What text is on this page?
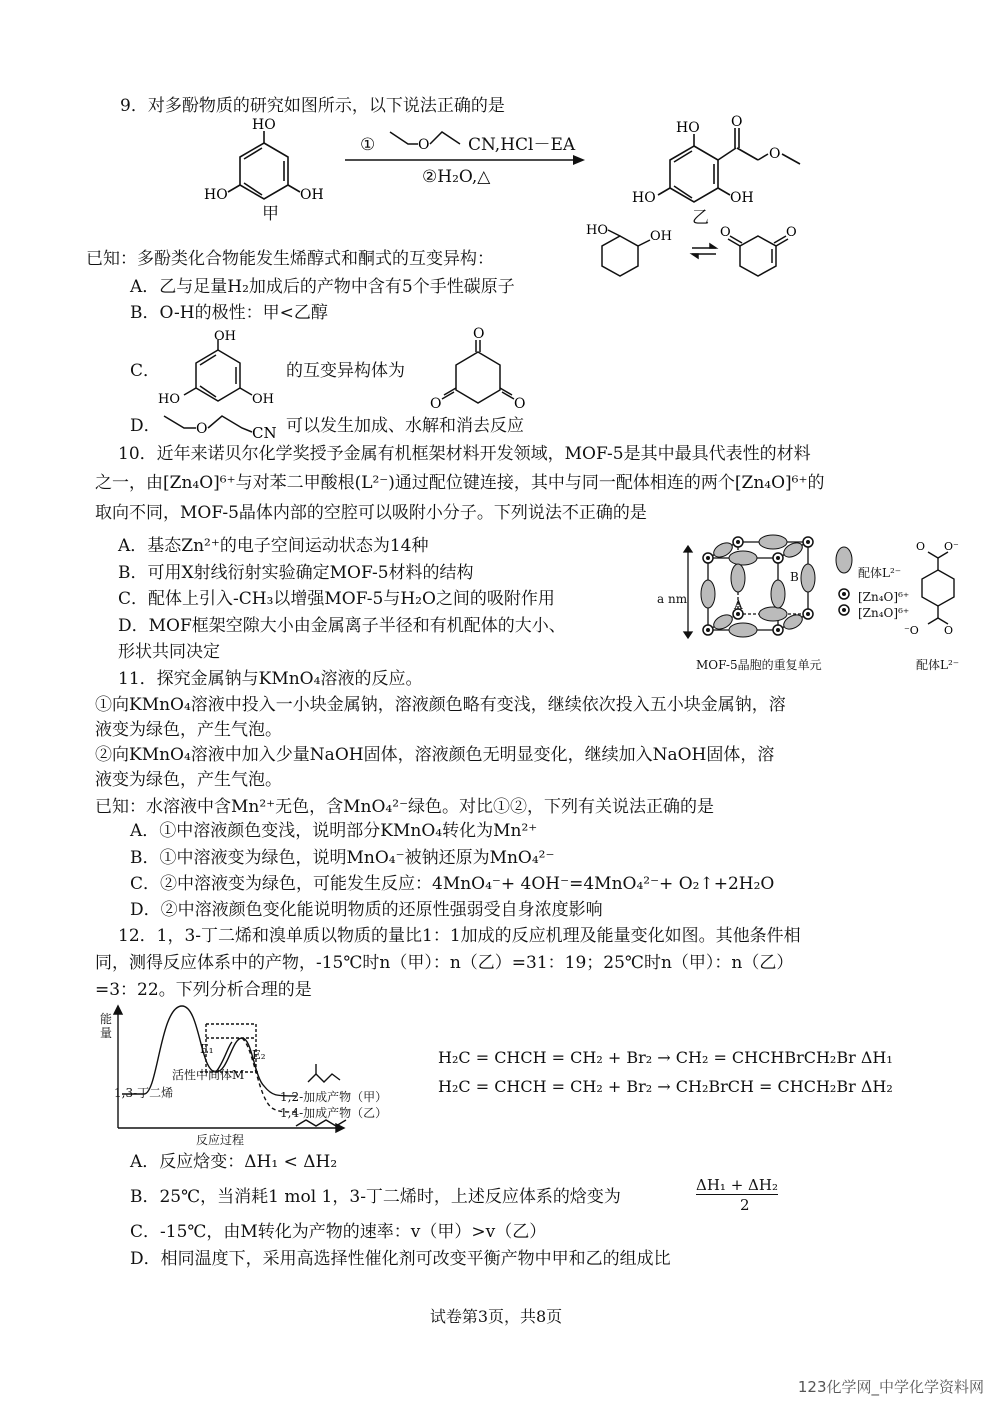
9．对多酚物质的研究如图所示，以下说法正确的是
HO
OH
HO
甲
①	O CN,HCl－EA
②H₂O,△
HO O
O
OH
HO
乙
已知：多酚类化合物能发生烯醇式和酮式的互变异构：
HO	OH	O	O
A．乙与足量H₂加成后的产物中含有5个手性碳原子
B．O-H的极性：甲<乙醇
C．
OH
OH
HO
的互变异构体为
O
O
O
D．	O	CN 可以发生加成、水解和消去反应
10．近年来诺贝尔化学奖授予金属有机框架材料开发领域，MOF-5是其中最具代表性的材料
之一，由[Zn₄O]⁶⁺与对苯二甲酸根(L²⁻)通过配位键连接，其中与同一配体相连的两个[Zn₄O]⁶⁺的
取向不同，MOF-5晶体内部的空腔可以吸附小分子。下列说法不正确的是
A．基态Zn²⁺的电子空间运动状态为14种
B．可用X射线衍射实验确定MOF-5材料的结构
C．配体上引入-CH₃以增强MOF-5与H₂O之间的吸附作用
D．MOF框架空隙大小由金属离子半径和有机配体的大小、
形状共同决定
O⁻
O
O
⁻O
a nm	A
B	配体L²⁻
[Zn₄O]⁶⁺
[Zn₄O]⁶⁺
MOF-5晶胞的重复单元	配体L²⁻
11．探究金属钠与KMnO₄溶液的反应。
①向KMnO₄溶液中投入一小块金属钠，溶液颜色略有变浅，继续依次投入五小块金属钠，溶
液变为绿色，产生气泡。
②向KMnO₄溶液中加入少量NaOH固体，溶液颜色无明显变化，继续加入NaOH固体，溶
液变为绿色，产生气泡。
已知：水溶液中含Mn²⁺无色，含MnO₄²⁻绿色。对比①②，下列有关说法正确的是
A．①中溶液颜色变浅，说明部分KMnO₄转化为Mn²⁺
B．①中溶液变为绿色，说明MnO₄⁻被钠还原为MnO₄²⁻
C．②中溶液变为绿色，可能发生反应：4MnO₄⁻+ 4OH⁻=4MnO₄²⁻+ O₂↑+2H₂O
D．②中溶液颜色变化能说明物质的还原性强弱受自身浓度影响
12．1，3-丁二烯和溴单质以物质的量比1：1加成的反应机理及能量变化如图。其他条件相
同，测得反应体系中的产物，-15℃时n（甲）：n（乙）=31：19；25℃时n（甲）：n（乙）
=3：22。下列分析合理的是
能量
反应过程
1,3-丁二烯
活性中间体M
E₁	E₂
1,2-加成产物（甲）
1,4-加成产物（乙）
H₂C = CHCH = CH₂ + Br₂ → CH₂ = CHCHBrCH₂Br ΔH₁
H₂C = CHCH = CH₂ + Br₂ → CH₂BrCH = CHCH₂Br ΔH₂
A．反应焓变：ΔH₁ < ΔH₂
B．25℃，当消耗1 mol 1，3-丁二烯时，上述反应体系的焓变为
ΔH₁ + ΔH₂
2
C．-15℃，由M转化为产物的速率：v（甲）>v（乙）
D．相同温度下，采用高选择性催化剂可改变平衡产物中甲和乙的组成比
试卷第3页，共8页
123化学网_中学化学资料网
